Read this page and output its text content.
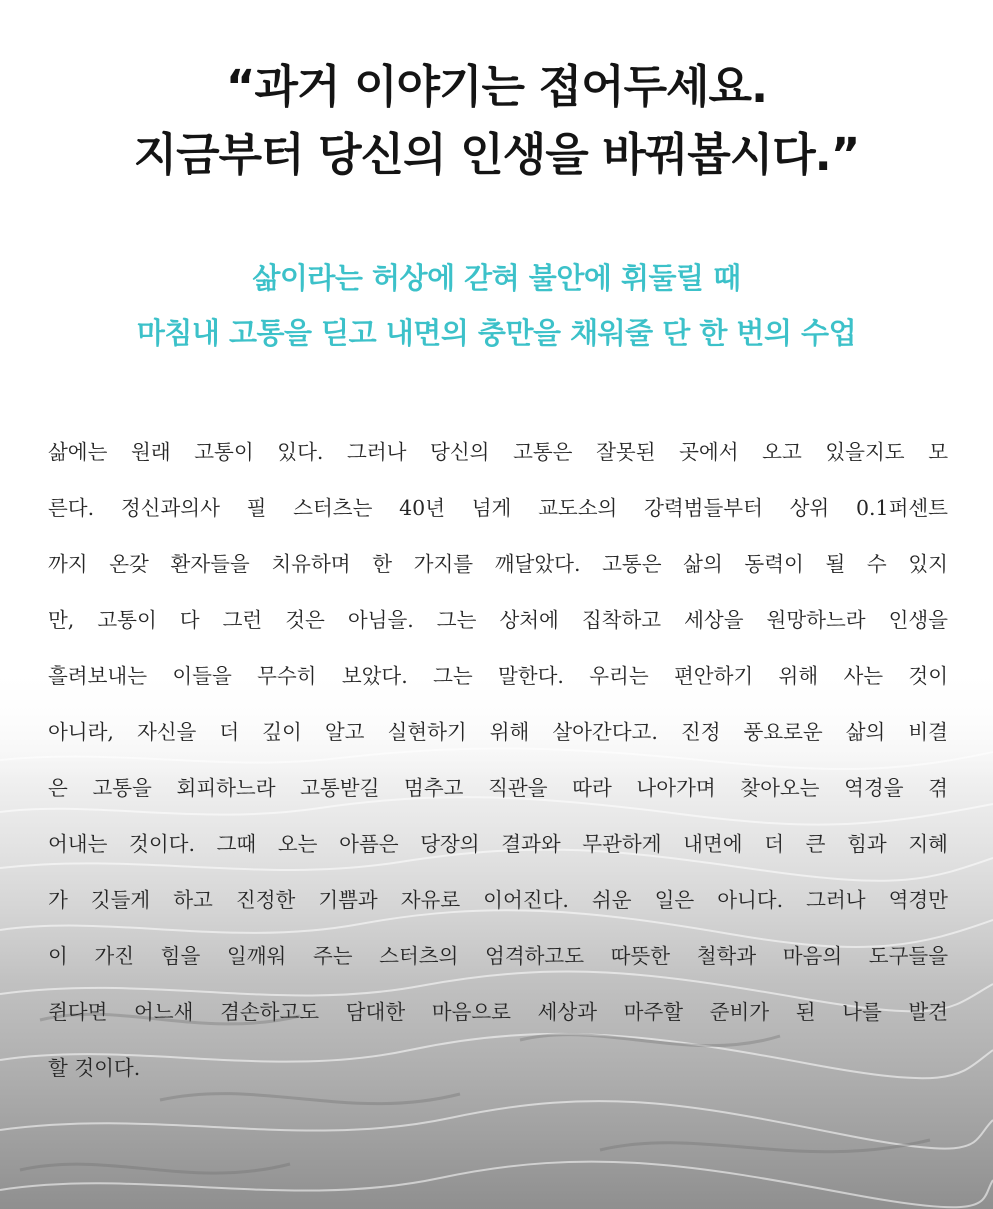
“과거 이야기는 접어두세요.
지금부터 당신의 인생을 바꿔봅시다.”
삶이라는 허상에 갇혀 불안에 휘둘릴 때
마침내 고통을 딛고 내면의 충만을 채워줄 단 한 번의 수업
삶에는 원래 고통이 있다. 그러나 당신의 고통은 잘못된 곳에서 오고 있을지도 모
른다. 정신과의사 필 스터츠는 40년 넘게 교도소의 강력범들부터 상위 0.1퍼센트
까지 온갖 환자들을 치유하며 한 가지를 깨달았다. 고통은 삶의 동력이 될 수 있지
만, 고통이 다 그런 것은 아님을. 그는 상처에 집착하고 세상을 원망하느라 인생을
흘려보내는 이들을 무수히 보았다. 그는 말한다. 우리는 편안하기 위해 사는 것이
아니라, 자신을 더 깊이 알고 실현하기 위해 살아간다고. 진정 풍요로운 삶의 비결
은 고통을 회피하느라 고통받길 멈추고 직관을 따라 나아가며 찾아오는 역경을 겪
어내는 것이다. 그때 오는 아픔은 당장의 결과와 무관하게 내면에 더 큰 힘과 지혜
가 깃들게 하고 진정한 기쁨과 자유로 이어진다. 쉬운 일은 아니다. 그러나 역경만
이 가진 힘을 일깨워 주는 스터츠의 엄격하고도 따뜻한 철학과 마음의 도구들을
쥔다면 어느새 겸손하고도 담대한 마음으로 세상과 마주할 준비가 된 나를 발견
할 것이다.
